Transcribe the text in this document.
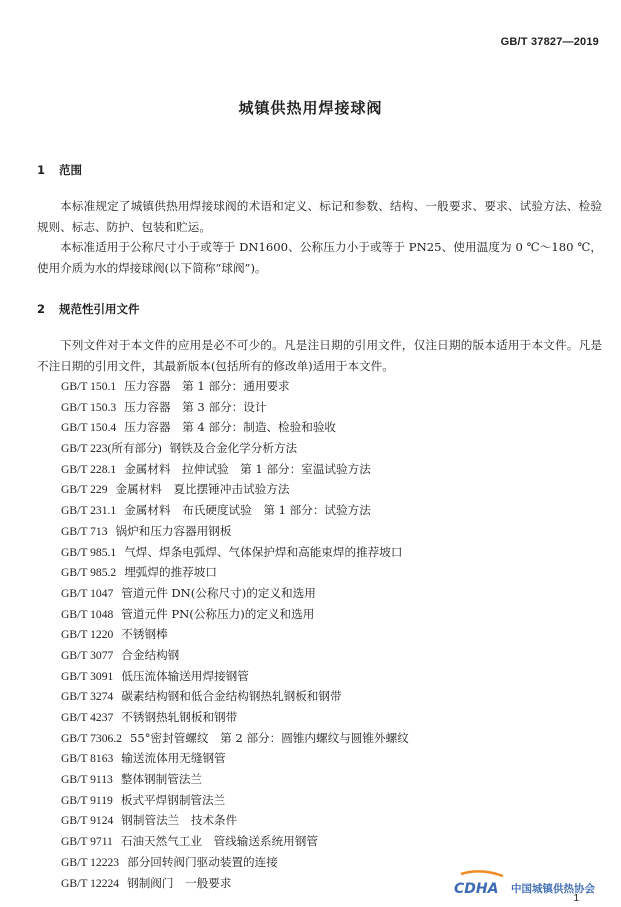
GB/T 37827—2019
城镇供热用焊接球阀
1 范围

本标准规定了城镇供热用焊接球阀的术语和定义、标记和参数、结构、一般要求、要求、试验方法、检验规则、标志、防护、包装和贮运。

本标准适用于公称尺寸小于或等于 DN1600、公称压力小于或等于 PN25、使用温度为 0 ℃～180 ℃，使用介质为水的焊接球阀(以下简称“球阀”)。

2 规范性引用文件

下列文件对于本文件的应用是必不可少的。凡是注日期的引用文件，仅注日期的版本适用于本文件。凡是不注日期的引用文件，其最新版本(包括所有的修改单)适用于本文件。

GB/T 150.1 压力容器　第 1 部分：通用要求
GB/T 150.3 压力容器　第 3 部分：设计
GB/T 150.4 压力容器　第 4 部分：制造、检验和验收
GB/T 223(所有部分) 钢铁及合金化学分析方法
GB/T 228.1 金属材料　拉伸试验　第 1 部分：室温试验方法
GB/T 229 金属材料　夏比摆锤冲击试验方法
GB/T 231.1 金属材料　布氏硬度试验　第 1 部分：试验方法
GB/T 713 锅炉和压力容器用钢板
GB/T 985.1 气焊、焊条电弧焊、气体保护焊和高能束焊的推荐坡口
GB/T 985.2 埋弧焊的推荐坡口
GB/T 1047 管道元件 DN(公称尺寸)的定义和选用
GB/T 1048 管道元件 PN(公称压力)的定义和选用
GB/T 1220 不锈钢棒
GB/T 3077 合金结构钢
GB/T 3091 低压流体输送用焊接钢管
GB/T 3274 碳素结构钢和低合金结构钢热轧钢板和钢带
GB/T 4237 不锈钢热轧钢板和钢带
GB/T 7306.2 55°密封管螺纹　第 2 部分：圆锥内螺纹与圆锥外螺纹
GB/T 8163 输送流体用无缝钢管
GB/T 9113 整体钢制管法兰
GB/T 9119 板式平焊钢制管法兰
GB/T 9124 钢制管法兰　技术条件
GB/T 9711 石油天然气工业　管线输送系统用钢管
GB/T 12223 部分回转阀门驱动装置的连接
GB/T 12224 钢制阀门　一般要求	CDHA 中国城镇供热协会
1
